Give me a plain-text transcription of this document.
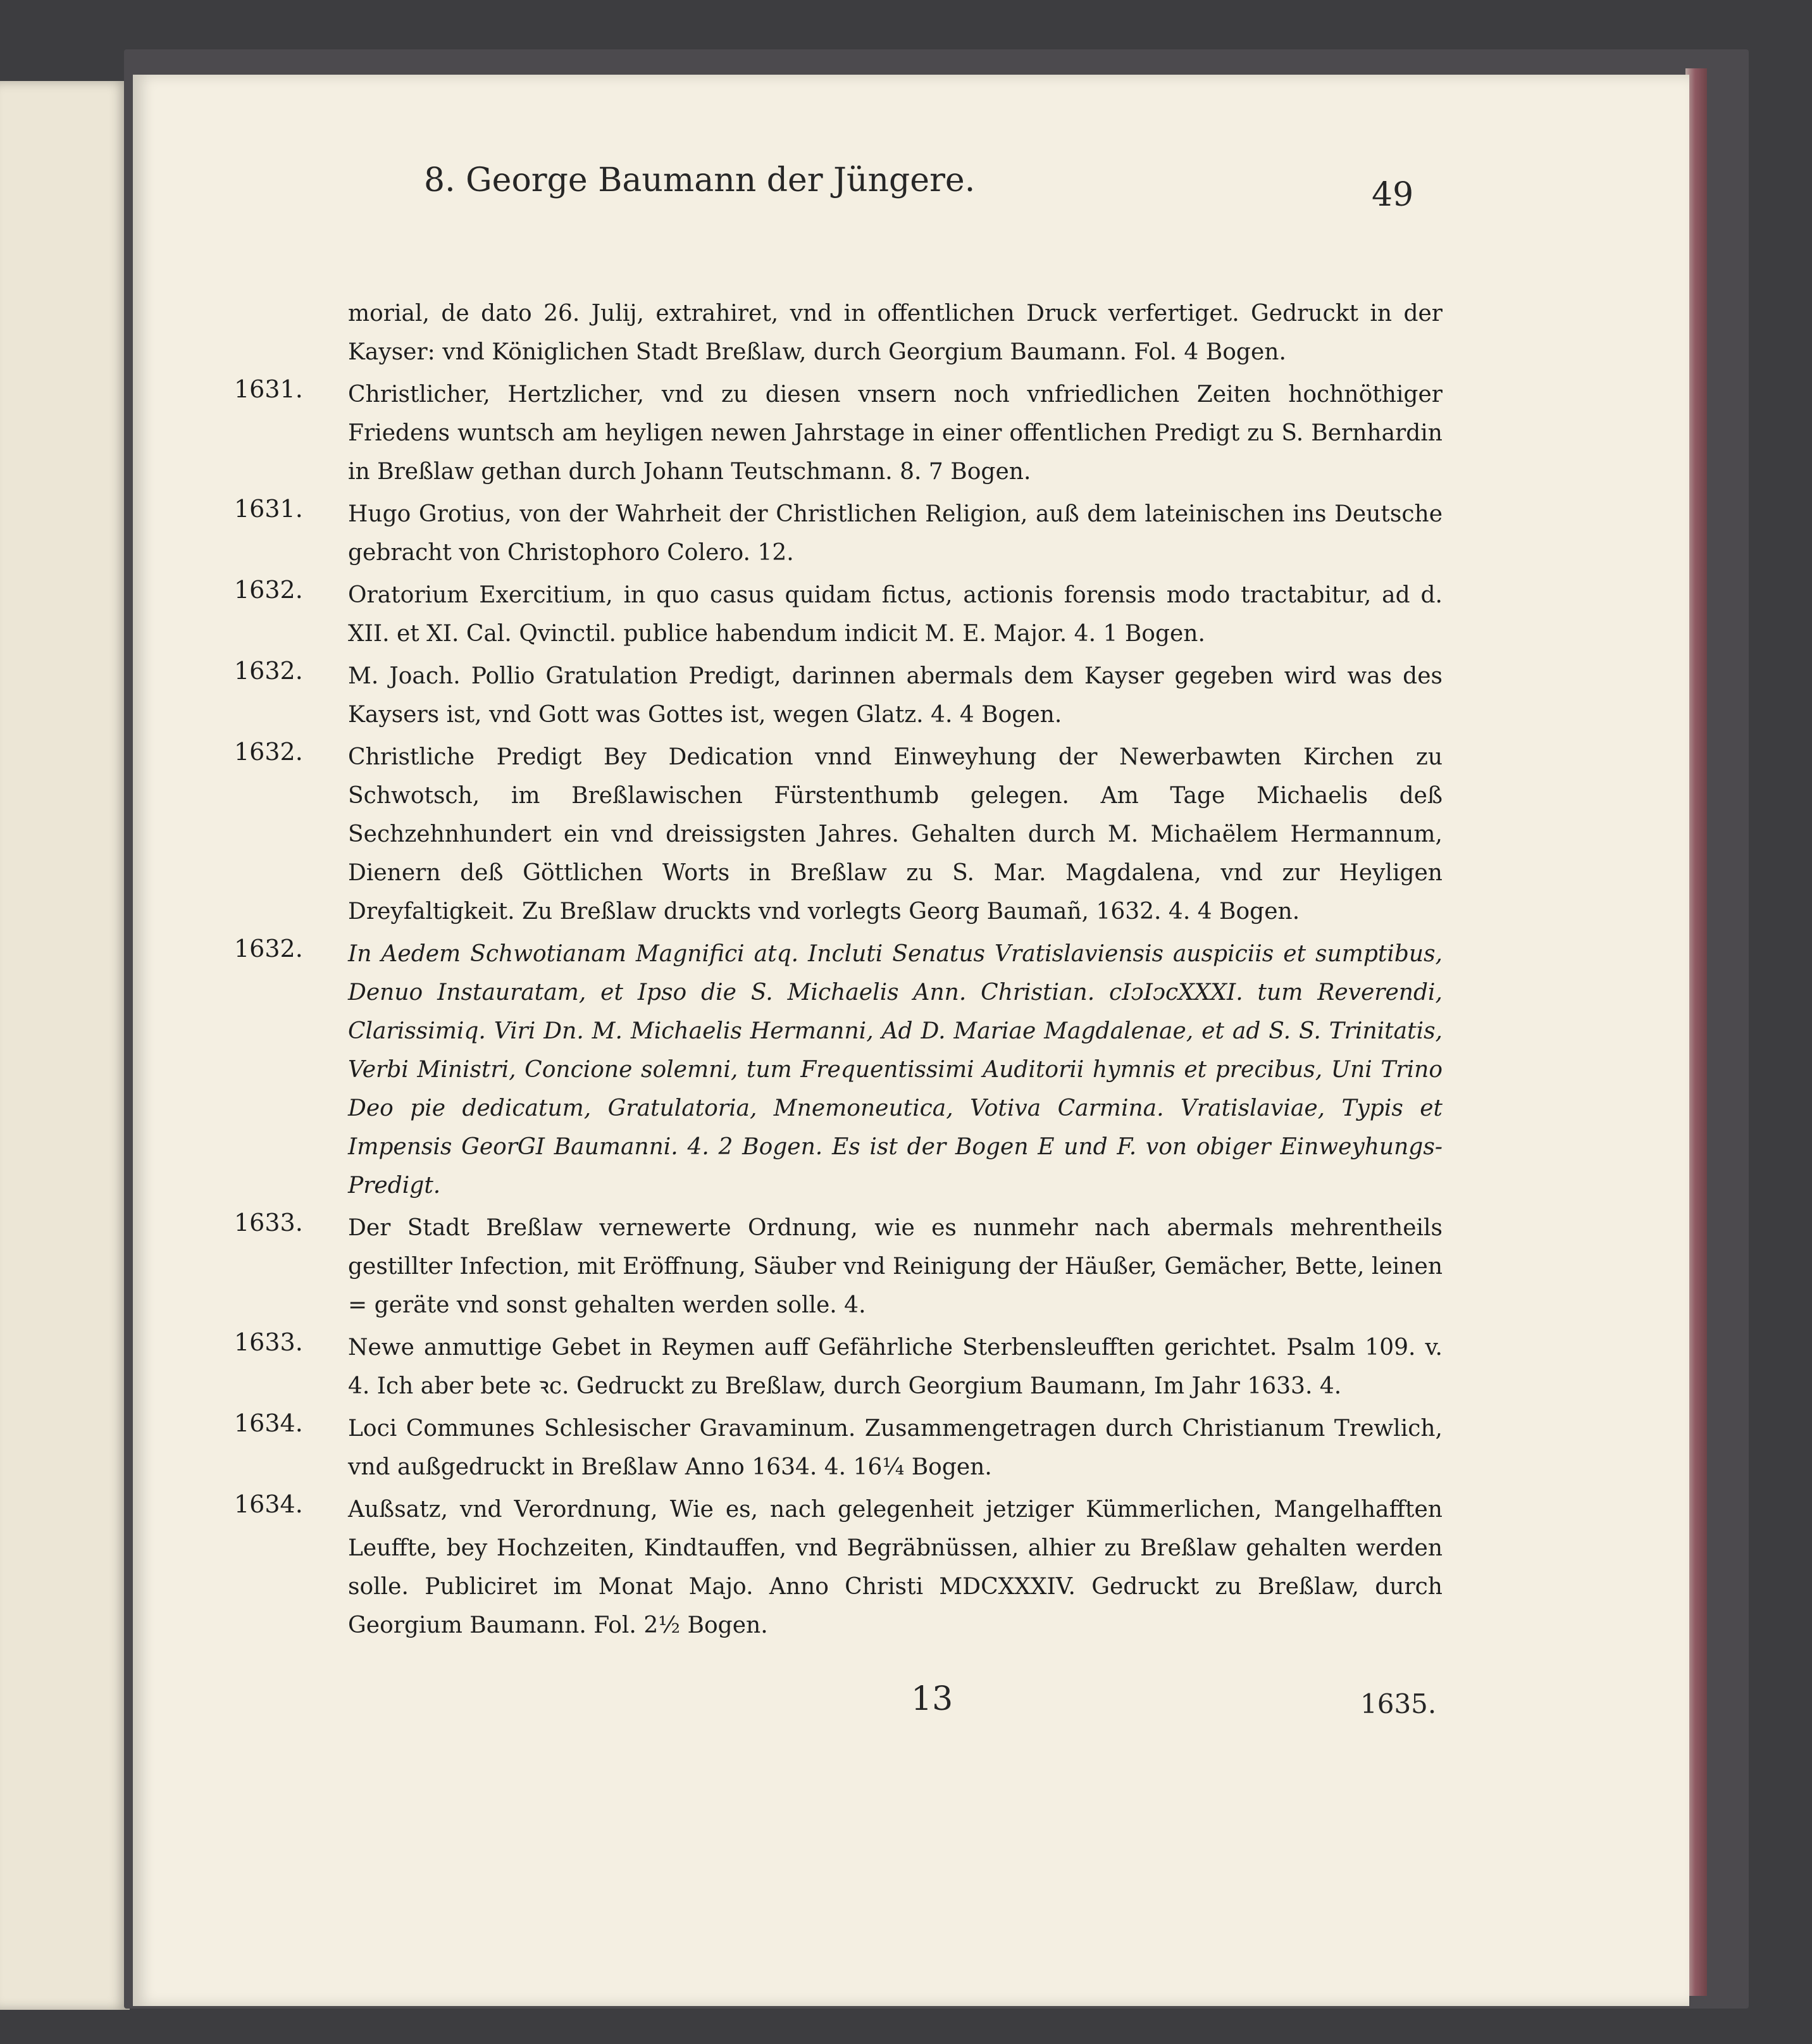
8. George Baumann der Jüngere.	49
morial, de dato 26. Julij, extrahiret, vnd in offentlichen Druck verfertiget. Gedruckt in der Kayser: vnd Königlichen Stadt Breßlaw, durch Georgium Baumann. Fol. 4 Bogen.
1631.	Christlicher, Hertzlicher, vnd zu diesen vnsern noch vnfriedlichen Zeiten hochnöthiger Friedens wuntsch am heyligen newen Jahrstage in einer offentlichen Predigt zu S. Bernhardin in Breßlaw gethan durch Johann Teutschmann. 8. 7 Bogen.
1631.	Hugo Grotius, von der Wahrheit der Christlichen Religion, auß dem lateinischen ins Deutsche gebracht von Christophoro Colero. 12.
1632.	Oratorium Exercitium, in quo casus quidam fictus, actionis forensis modo tractabitur, ad d. XII. et XI. Cal. Qvinctil. publice habendum indicit M. E. Major. 4. 1 Bogen.
1632.	M. Joach. Pollio Gratulation Predigt, darinnen abermals dem Kayser gegeben wird was des Kaysers ist, vnd Gott was Gottes ist, wegen Glatz. 4. 4 Bogen.
1632.	Christliche Predigt Bey Dedication vnnd Einweyhung der Newerbawten Kirchen zu Schwotsch, im Breßlawischen Fürstenthumb gelegen. Am Tage Michaelis deß Sechzehnhundert ein vnd dreissigsten Jahres. Gehalten durch M. Michaëlem Hermannum, Dienern deß Göttlichen Worts in Breßlaw zu S. Mar. Magdalena, vnd zur Heyligen Dreyfaltigkeit. Zu Breßlaw druckts vnd vorlegts Georg Baumañ, 1632. 4. 4 Bogen.
1632.	In Aedem Schwotianam Magnifici atq. Incluti Senatus Vratislaviensis auspiciis et sumptibus, Denuo Instauratam, et Ipso die S. Michaelis Ann. Christian. cIↄIↄcXXXI. tum Reverendi, Clarissimiq. Viri Dn. M. Michaelis Hermanni, Ad D. Mariae Magdalenae, et ad S. S. Trinitatis, Verbi Ministri, Concione solemni, tum Frequentissimi Auditorii hymnis et precibus, Uni Trino Deo pie dedicatum, Gratulatoria, Mnemoneutica, Votiva Carmina. Vratislaviae, Typis et Impensis GeorGI Baumanni. 4. 2 Bogen. Es ist der Bogen E und F. von obiger Einweyhungs-Predigt.
1633.	Der Stadt Breßlaw vernewerte Ordnung, wie es nunmehr nach abermals mehrentheils gestillter Infection, mit Eröffnung, Säuber vnd Reinigung der Häußer, Gemächer, Bette, leinen = geräte vnd sonst gehalten werden solle. 4.
1633.	Newe anmuttige Gebet in Reymen auff Gefährliche Sterbensleufften gerichtet. Psalm 109. v. 4. Ich aber bete ꝛc. Gedruckt zu Breßlaw, durch Georgium Baumann, Im Jahr 1633. 4.
1634.	Loci Communes Schlesischer Gravaminum. Zusammengetragen durch Christianum Trewlich, vnd außgedruckt in Breßlaw Anno 1634. 4. 16¼ Bogen.
1634.	Außsatz, vnd Verordnung, Wie es, nach gelegenheit jetziger Kümmerlichen, Mangelhafften Leuffte, bey Hochzeiten, Kindtauffen, vnd Begräbnüssen, alhier zu Breßlaw gehalten werden solle. Publiciret im Monat Majo. Anno Christi MDCXXXIV. Gedruckt zu Breßlaw, durch Georgium Baumann. Fol. 2½ Bogen.
13	1635.
